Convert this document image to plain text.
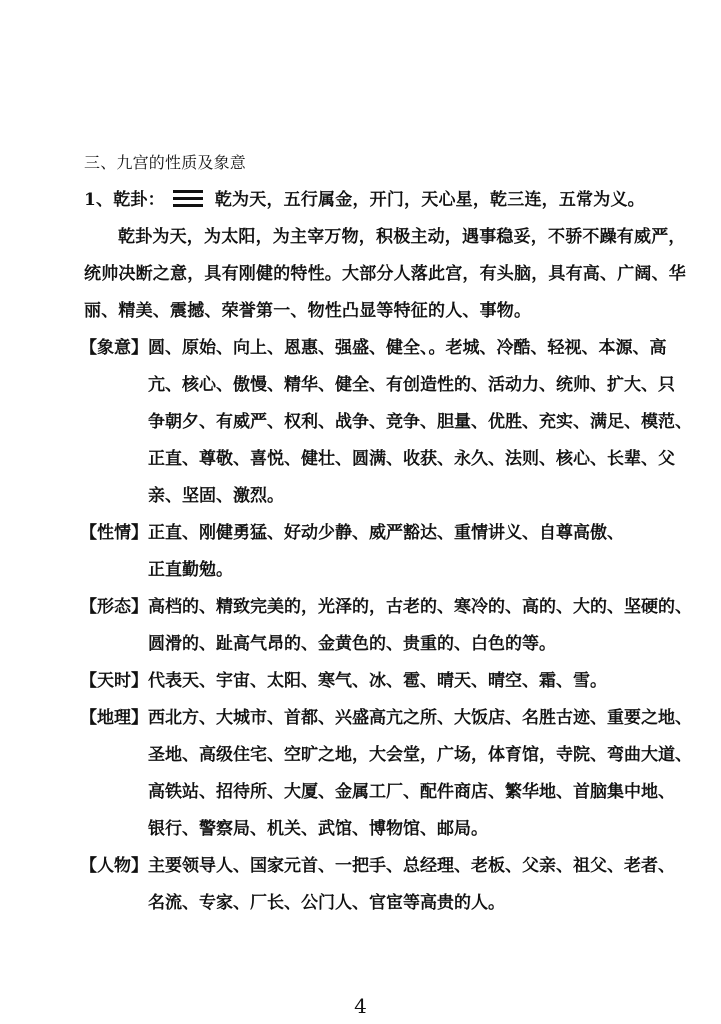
三、九宫的性质及象意
1、乾卦：	乾为天，五行属金，开门，天心星，乾三连，五常为义。
乾卦为天，为太阳，为主宰万物，积极主动，遇事稳妥，不骄不躁有威严，
统帅决断之意，具有刚健的特性。大部分人落此宫，有头脑，具有高、广阔、华
丽、精美、震撼、荣誉第一、物性凸显等特征的人、事物。
【象意】 圆、原始、向上、恩惠、强盛、健全、。老城、冷酷、轻视、本源、高
亢、核心、傲慢、精华、健全、有创造性的、活动力、统帅、扩大、只
争朝夕、有威严、权利、战争、竞争、胆量、优胜、充实、满足、模范、
正直、尊敬、喜悦、健壮、圆满、收获、永久、法则、核心、长辈、父
亲、坚固、激烈。
【性情】 正直、刚健勇猛、好动少静、威严豁达、重情讲义、自尊高傲、
正直勤勉。
【形态】 高档的、精致完美的，光泽的，古老的、寒冷的、高的、大的、坚硬的、
圆滑的、趾高气昂的、金黄色的、贵重的、白色的等。
【天时】 代表天、宇宙、太阳、寒气、冰、雹、晴天、晴空、霜、雪。
【地理】 西北方、大城市、首都、兴盛高亢之所、大饭店、名胜古迹、重要之地、
圣地、高级住宅、空旷之地，大会堂，广场，体育馆，寺院、弯曲大道、
高铁站、招待所、大厦、金属工厂、配件商店、繁华地、首脑集中地、
银行、警察局、机关、武馆、博物馆、邮局。
【人物】 主要领导人、国家元首、一把手、总经理、老板、父亲、祖父、老者、
名流、专家、厂长、公门人、官宦等高贵的人。
4
